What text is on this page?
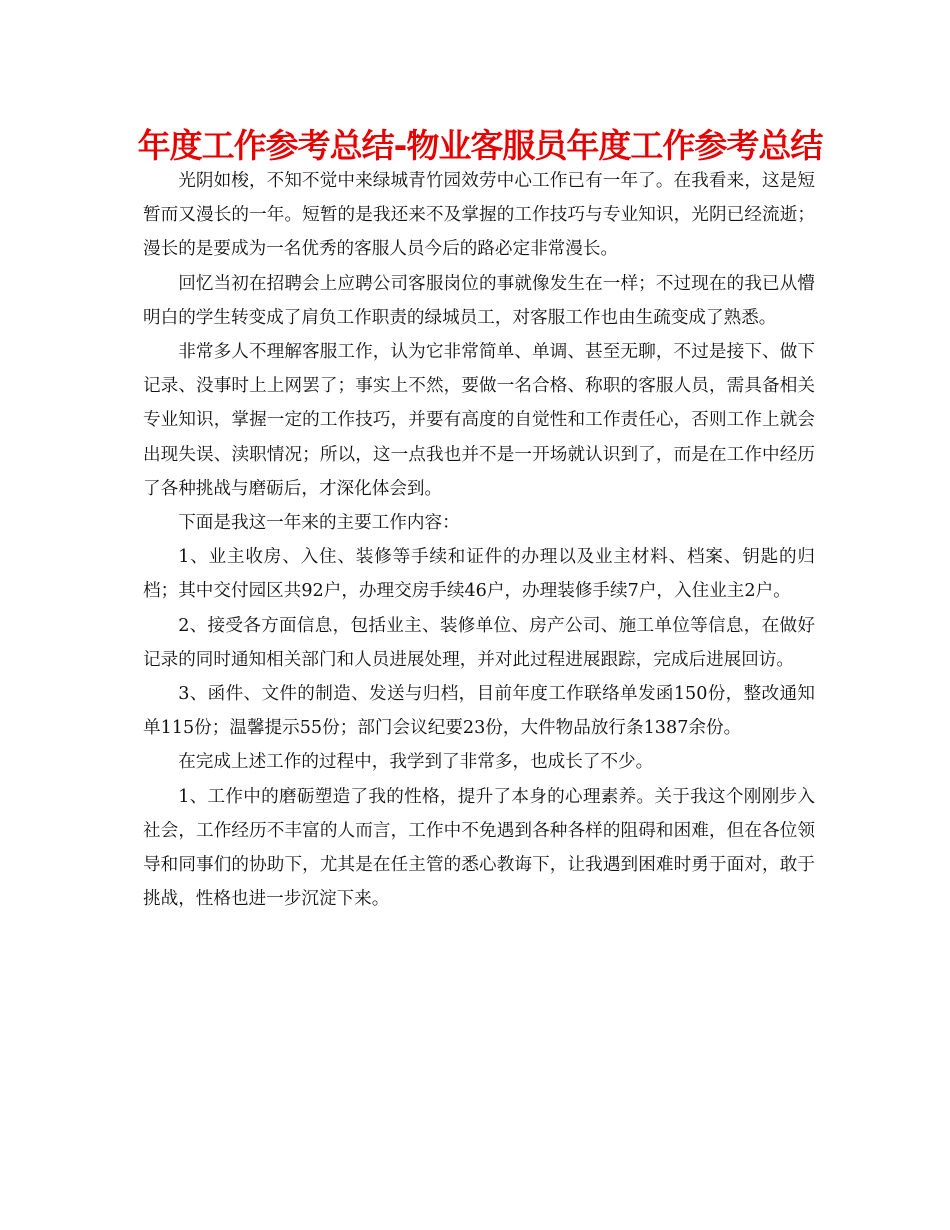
年度工作参考总结-物业客服员年度工作参考总结

光阴如梭，不知不觉中来绿城青竹园效劳中心工作已有一年了。在我看来，这是短暂而又漫长的一年。短暂的是我还来不及掌握的工作技巧与专业知识，光阴已经流逝；漫长的是要成为一名优秀的客服人员今后的路必定非常漫长。

回忆当初在招聘会上应聘公司客服岗位的事就像发生在一样；不过现在的我已从懵明白的学生转变成了肩负工作职责的绿城员工，对客服工作也由生疏变成了熟悉。

非常多人不理解客服工作，认为它非常简单、单调、甚至无聊，不过是接下、做下记录、没事时上上网罢了；事实上不然，要做一名合格、称职的客服人员，需具备相关专业知识，掌握一定的工作技巧，并要有高度的自觉性和工作责任心，否则工作上就会出现失误、渎职情况；所以，这一点我也并不是一开场就认识到了，而是在工作中经历了各种挑战与磨砺后，才深化体会到。

下面是我这一年来的主要工作内容：

1、业主收房、入住、装修等手续和证件的办理以及业主材料、档案、钥匙的归档；其中交付园区共92户，办理交房手续46户，办理装修手续7户，入住业主2户。

2、接受各方面信息，包括业主、装修单位、房产公司、施工单位等信息，在做好记录的同时通知相关部门和人员进展处理，并对此过程进展跟踪，完成后进展回访。

3、函件、文件的制造、发送与归档，目前年度工作联络单发函150份，整改通知单115份；温馨提示55份；部门会议纪要23份，大件物品放行条1387余份。

在完成上述工作的过程中，我学到了非常多，也成长了不少。

1、工作中的磨砺塑造了我的性格，提升了本身的心理素养。关于我这个刚刚步入社会，工作经历不丰富的人而言，工作中不免遇到各种各样的阻碍和困难，但在各位领导和同事们的协助下，尤其是在任主管的悉心教诲下，让我遇到困难时勇于面对，敢于挑战，性格也进一步沉淀下来。
